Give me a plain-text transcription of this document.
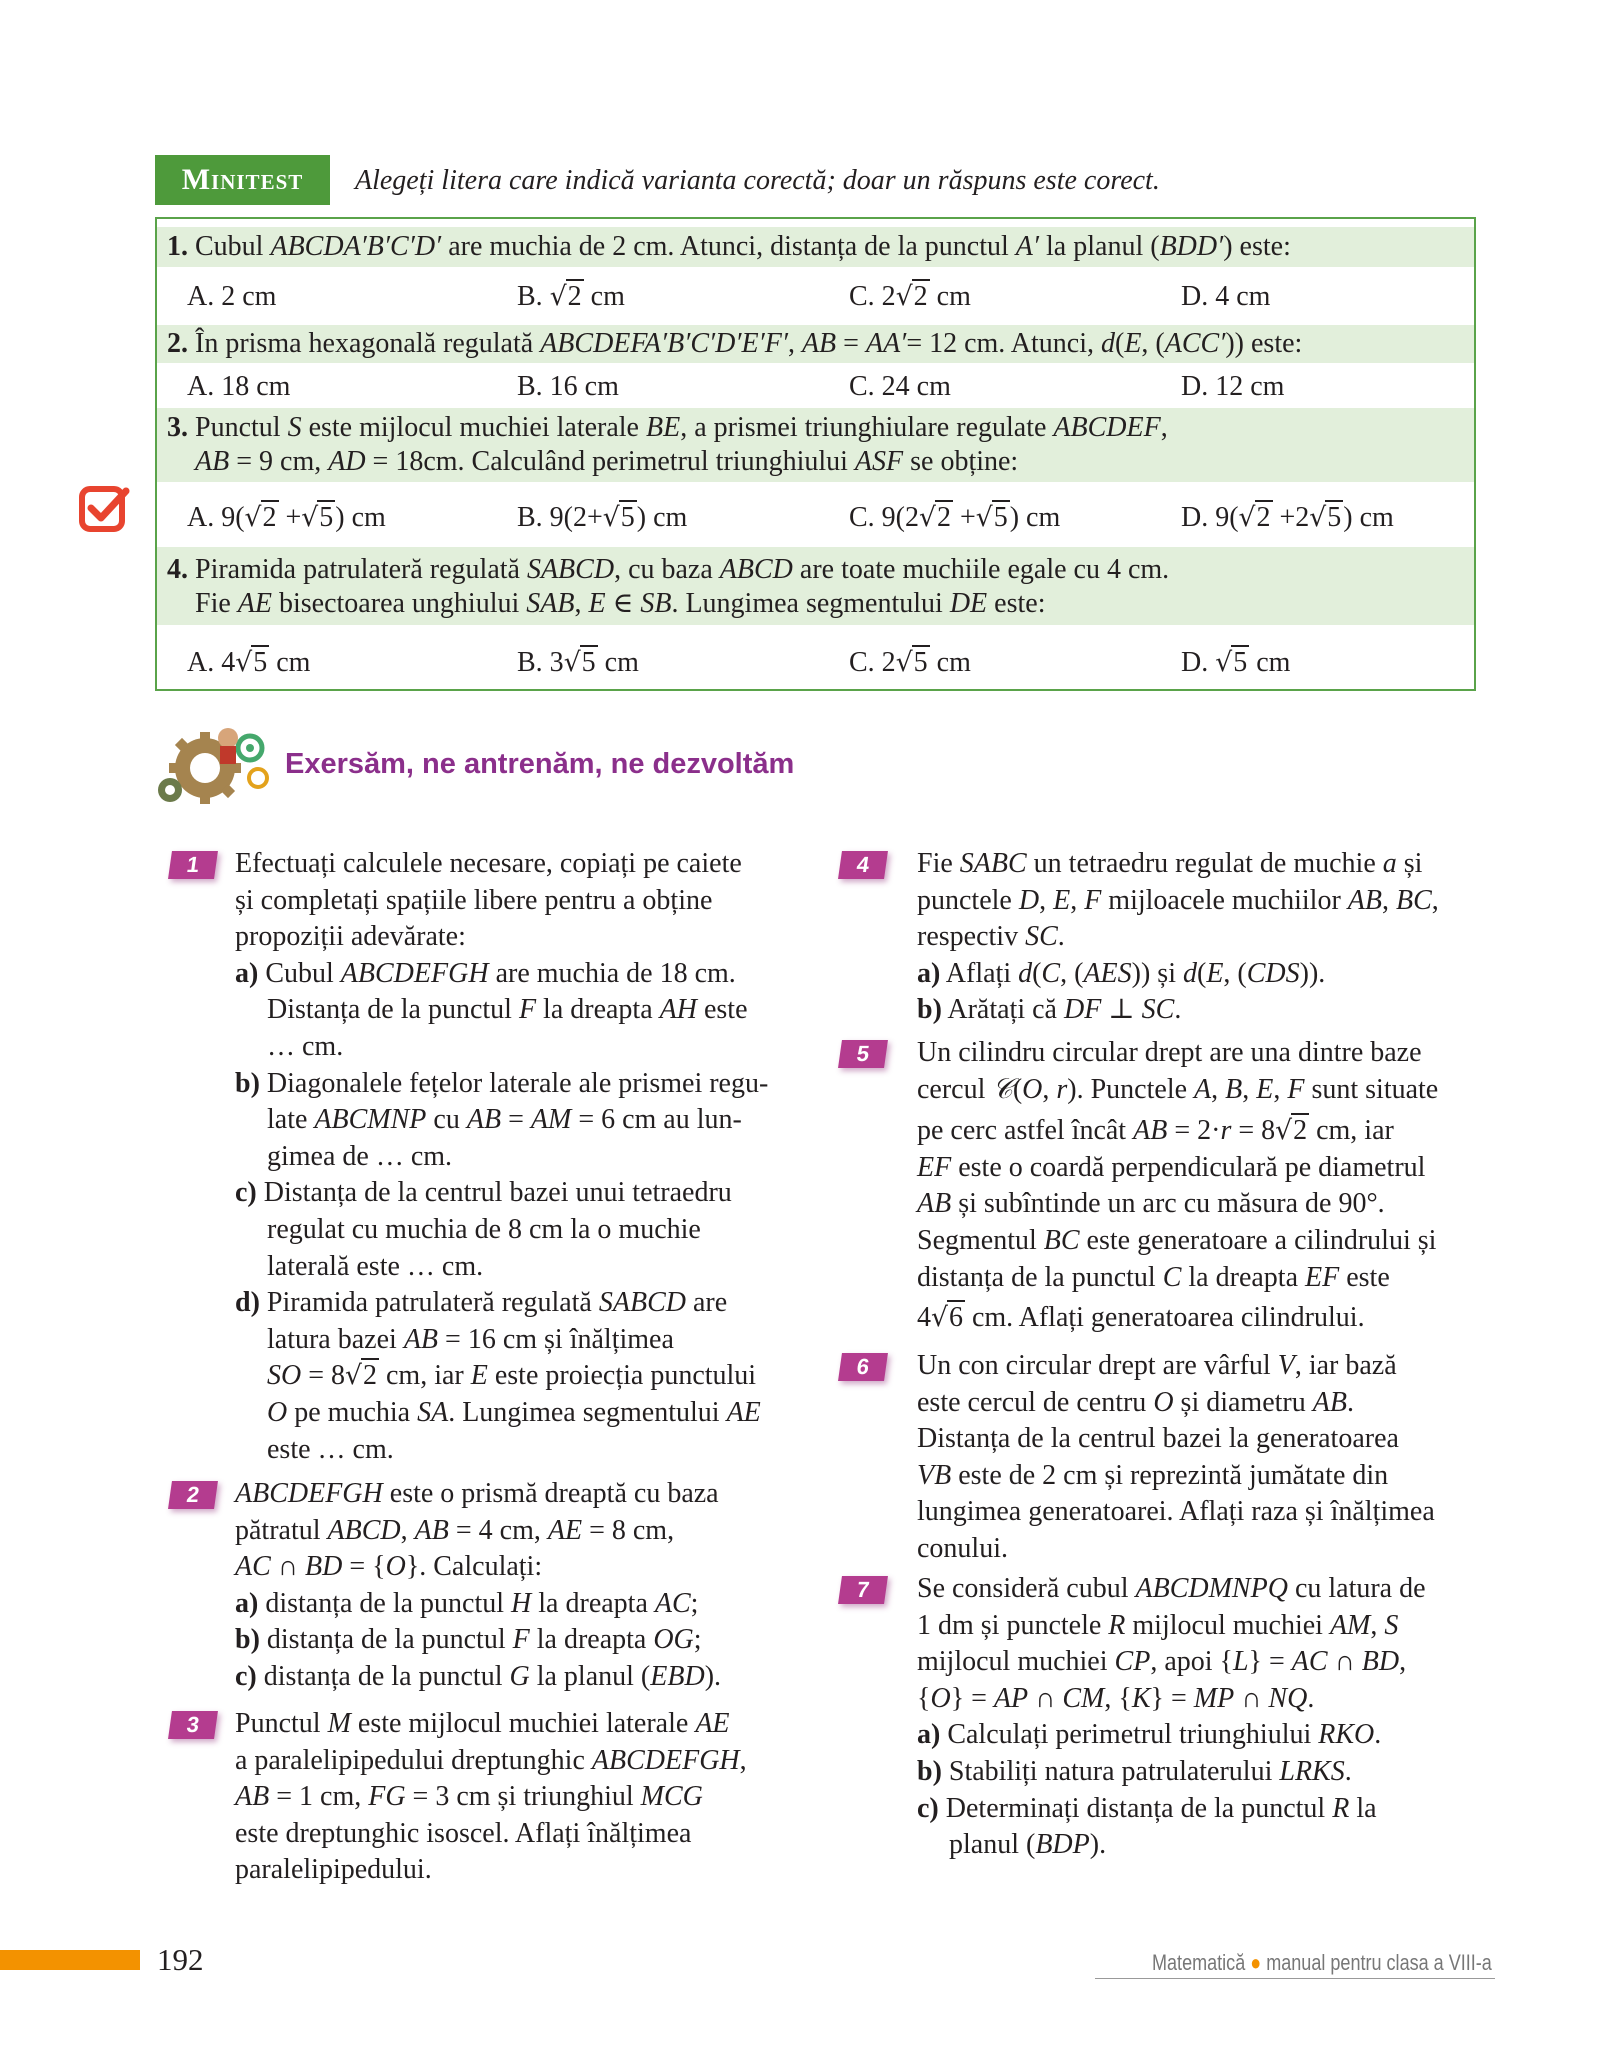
Minitest	Alegeți litera care indică varianta corectă; doar un răspuns este corect.
1. Cubul ABCDA′B′C′D′ are muchia de 2 cm. Atunci, distanța de la punctul A′ la planul (BDD′) este:
A. 2 cm	B. √2 cm	C. 2√2 cm	D. 4 cm
2. În prisma hexagonală regulată ABCDEFA′B′C′D′E′F′, AB = AA′= 12 cm. Atunci, d(E, (ACC′)) este:
A. 18 cm	B. 16 cm	C. 24 cm	D. 12 cm
3. Punctul S este mijlocul muchiei laterale BE, a prismei triunghiulare regulate ABCDEF,
AB = 9 cm, AD = 18cm. Calculând perimetrul triunghiului ASF se obține:
A. 9(√2 +√5) cm	B. 9(2+√5) cm	C. 9(2√2 +√5) cm	D. 9(√2 +2√5) cm
4. Piramida patrulateră regulată SABCD, cu baza ABCD are toate muchiile egale cu 4 cm.
Fie AE bisectoarea unghiului SAB, E ∈ SB. Lungimea segmentului DE este:
A. 4√5 cm	B. 3√5 cm	C. 2√5 cm	D. √5 cm
Exersăm, ne antrenăm, ne dezvoltăm
1
2
3
4
5
6
7

Efectuați calculele necesare, copiați pe caiete

și completați spațiile libere pentru a obține

propoziții adevărate:

a) Cubul ABCDEFGH are muchia de 18 cm.
Distanța de la punctul F la dreapta AH este
… cm.

b) Diagonalele fețelor laterale ale prismei regu-
late ABCMNP cu AB = AM = 6 cm au lun-
gimea de … cm.

c) Distanța de la centrul bazei unui tetraedru
regulat cu muchia de 8 cm la o muchie
laterală este … cm.

d) Piramida patrulateră regulată SABCD are
latura bazei AB = 16 cm și înălțimea
SO = 8√2 cm, iar E este proiecția punctului
O pe muchia SA. Lungimea segmentului AE
este … cm.

ABCDEFGH este o prismă dreaptă cu baza

pătratul ABCD, AB = 4 cm, AE = 8 cm,

AC ∩ BD = {O}. Calculați:

a) distanța de la punctul H la dreapta AC;

b) distanța de la punctul F la dreapta OG;

c) distanța de la punctul G la planul (EBD).

Punctul M este mijlocul muchiei laterale AE

a paralelipipedului dreptunghic ABCDEFGH,

AB = 1 cm, FG = 3 cm și triunghiul MCG

este dreptunghic isoscel. Aflați înălțimea

paralelipipedului.

Fie SABC un tetraedru regulat de muchie a și

punctele D, E, F mijloacele muchiilor AB, BC,

respectiv SC.

a) Aflați d(C, (AES)) și d(E, (CDS)).

b) Arătați că DF ⊥ SC.

Un cilindru circular drept are una dintre baze

cercul 𝒞(O, r). Punctele A, B, E, F sunt situate

pe cerc astfel încât AB = 2·r = 8√2 cm, iar

EF este o coardă perpendiculară pe diametrul

AB și subîntinde un arc cu măsura de 90°.

Segmentul BC este generatoare a cilindrului și

distanța de la punctul C la dreapta EF este

4√6 cm. Aflați generatoarea cilindrului.

Un con circular drept are vârful V, iar bază

este cercul de centru O și diametru AB.

Distanța de la centrul bazei la generatoarea

VB este de 2 cm și reprezintă jumătate din

lungimea generatoarei. Aflați raza și înălțimea

conului.

Se consideră cubul ABCDMNPQ cu latura de

1 dm și punctele R mijlocul muchiei AM, S

mijlocul muchiei CP, apoi {L} = AC ∩ BD,

{O} = AP ∩ CM, {K} = MP ∩ NQ.

a) Calculați perimetrul triunghiului RKO.

b) Stabiliți natura patrulaterului LRKS.

c) Determinați distanța de la punctul R la
planul (BDP).

192	Matematică ● manual pentru clasa a VIII-a
